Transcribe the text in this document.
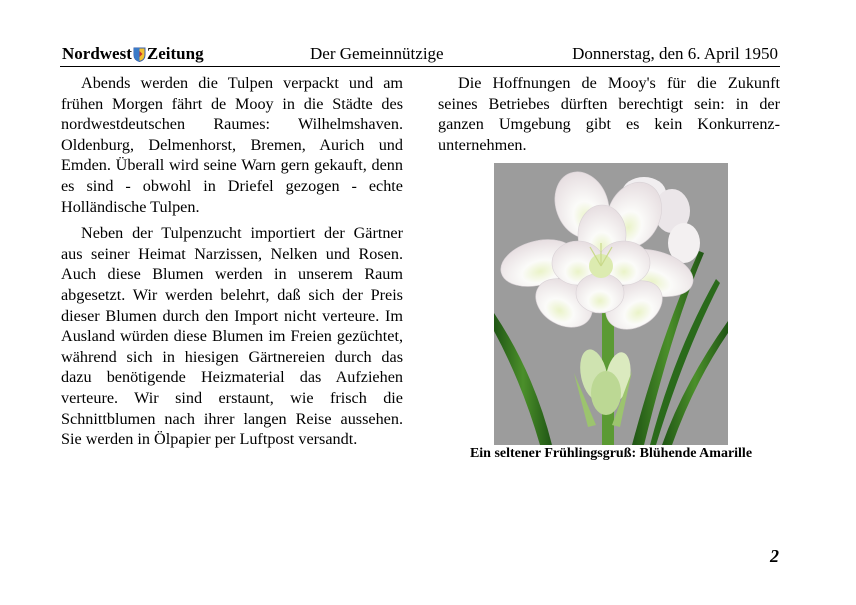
Nordwest Zeitung	Der Gemeinnützige	Donnerstag, den 6. April 1950

Abends werden die Tulpen verpackt und am frühen Morgen fährt de Mooy in die Städte des nordwestdeutschen Raumes: Wilhelmshaven. Oldenburg, Delmenhorst, Bremen, Aurich und Emden. Überall wird seine Warn gern gekauft, denn es sind - obwohl in Driefel gezogen - echte Holländische Tulpen.

Neben der Tulpenzucht importiert der Gärtner aus seiner Heimat Narzissen, Nelken und Rosen. Auch diese Blumen werden in unserem Raum abgesetzt. Wir werden belehrt, daß sich der Preis dieser Blumen durch den Import nicht verteure. Im Ausland würden diese Blumen im Freien gezüchtet, während sich in hiesigen Gärtnereien durch das dazu benötigende Heizmaterial das Aufziehen verteure. Wir sind erstaunt, wie frisch die Schnittblumen nach ihrer langen Reise aussehen. Sie werden in Ölpapier per Luftpost versandt.

Die Hoffnungen de Mooy's für die Zukunft seines Betriebes dürften berechtigt sein: in der ganzen Umgebung gibt es kein Konkurrenzunternehmen.

Ein seltener Frühlingsgruß: Blühende Amarille
2
